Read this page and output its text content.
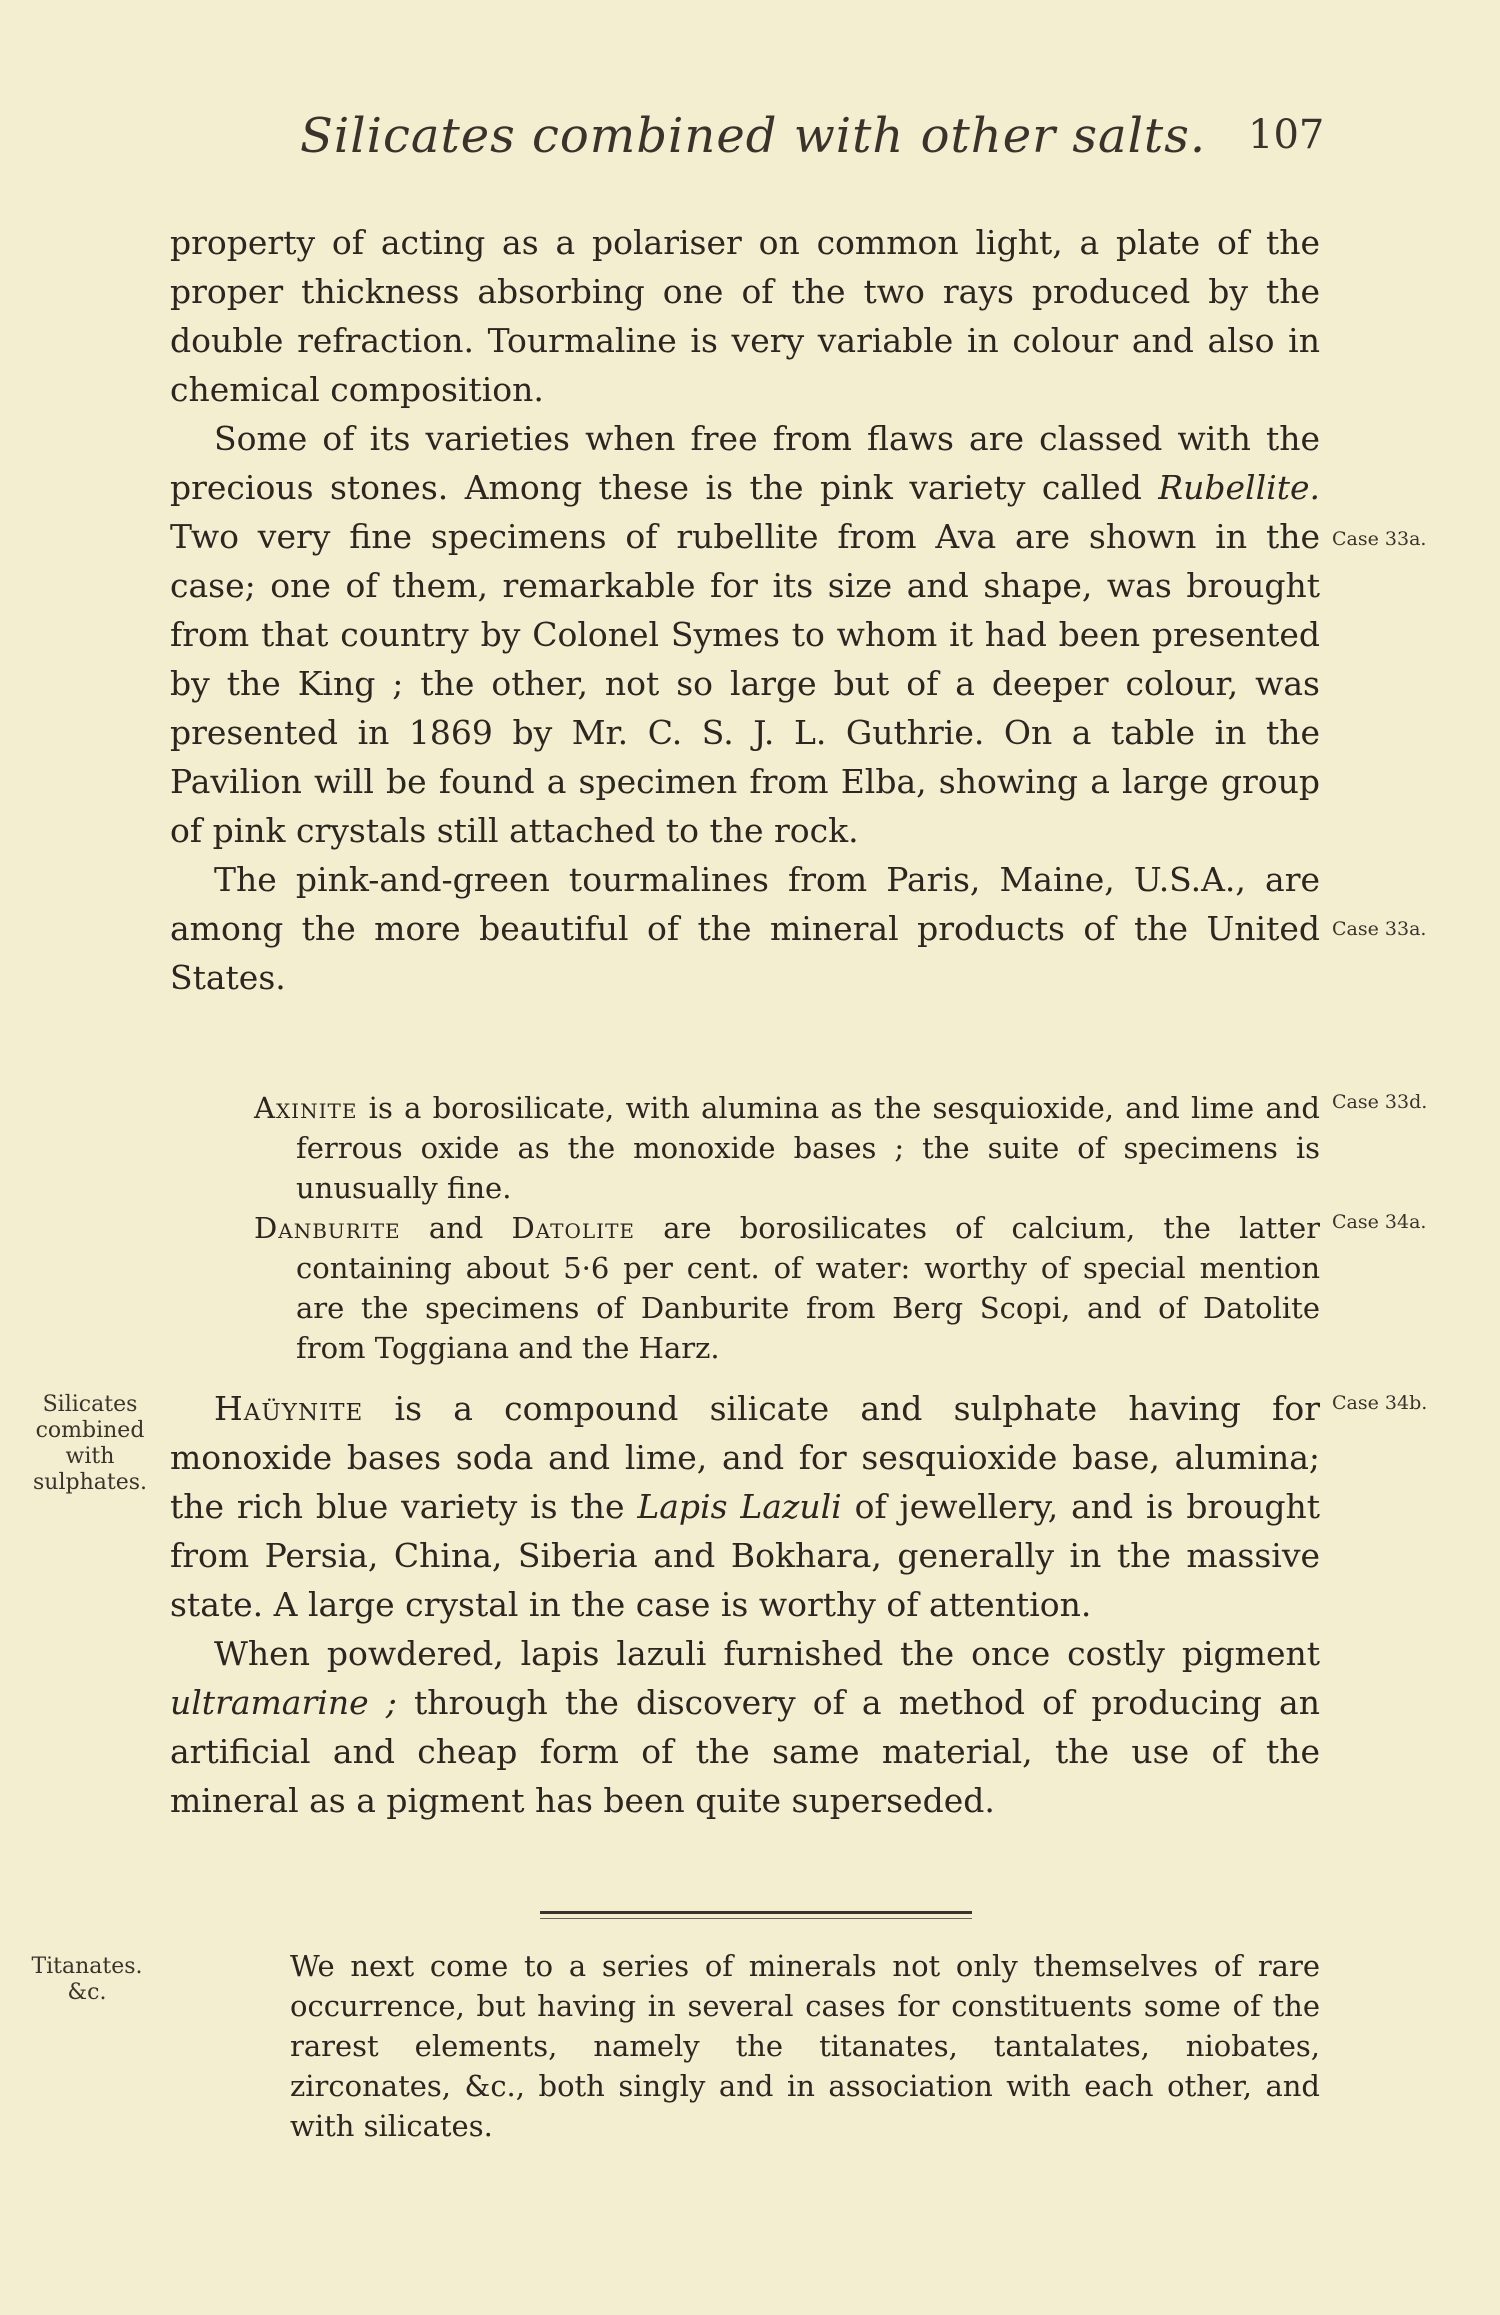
Silicates combined with other salts. 107

property of acting as a polariser on common light, a plate of the proper thickness absorbing one of the two rays produced by the double refraction. Tourmaline is very variable in colour and also in chemical composition.

Some of its varieties when free from flaws are classed with the precious stones. Among these is the pink variety called Rubellite. Two very fine specimens of rubellite from Ava are shown in the case; one of them, remarkable for its size and shape, was brought from that country by Colonel Symes to whom it had been presented by the King ; the other, not so large but of a deeper colour, was presented in 1869 by Mr. C. S. J. L. Guthrie. On a table in the Pavilion will be found a specimen from Elba, showing a large group of pink crystals still attached to the rock.

The pink-and-green tourmalines from Paris, Maine, U.S.A., are among the more beautiful of the mineral products of the United States.

Axinite is a borosilicate, with alumina as the sesquioxide, and lime and ferrous oxide as the monoxide bases ; the suite of specimens is unusually fine.

Danburite and Datolite are borosilicates of calcium, the latter containing about 5·6 per cent. of water: worthy of special mention are the specimens of Danburite from Berg Scopi, and of Datolite from Toggiana and the Harz.

Haüynite is a compound silicate and sulphate having for monoxide bases soda and lime, and for sesquioxide base, alumina; the rich blue variety is the Lapis Lazuli of jewellery, and is brought from Persia, China, Siberia and Bokhara, generally in the massive state. A large crystal in the case is worthy of attention.

When powdered, lapis lazuli furnished the once costly pigment ultramarine ; through the discovery of a method of producing an artificial and cheap form of the same material, the use of the mineral as a pigment has been quite superseded.

We next come to a series of minerals not only themselves of rare occurrence, but having in several cases for constituents some of the rarest elements, namely the titanates, tantalates, niobates, zirconates, &c., both singly and in association with each other, and with silicates.

Case 33a.
Case 33a.
Case 33d.
Case 34a.
Case 34b.
Silicates
combined
with
sulphates.
Titanates.
&c.
